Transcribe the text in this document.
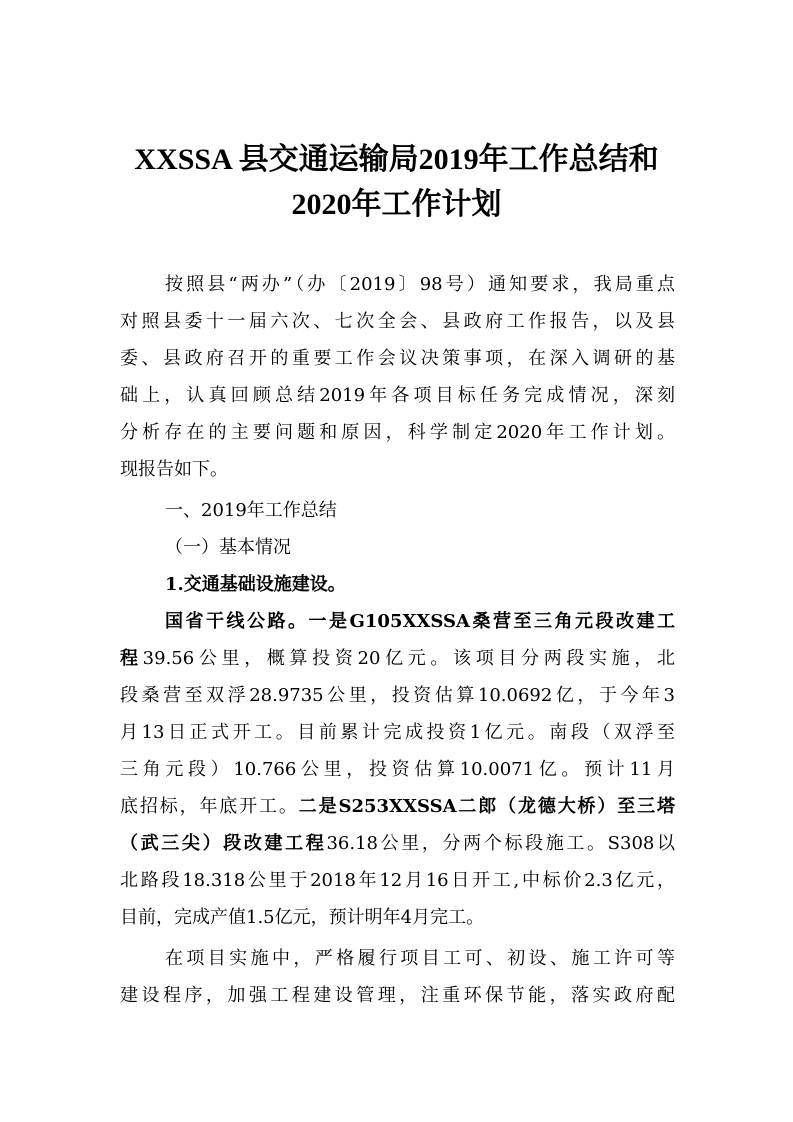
XXSSA 县交通运输局2019年工作总结和
2020年工作计划
按照县“两办”（办〔2019〕98号）通知要求，我局重点
对照县委十一届六次、七次全会、县政府工作报告，以及县
委、县政府召开的重要工作会议决策事项，在深入调研的基
础上，认真回顾总结2019年各项目标任务完成情况，深刻
分析存在的主要问题和原因，科学制定2020年工作计划。
现报告如下。
一、2019年工作总结
（一）基本情况
1.交通基础设施建设。
国省干线公路。一是G105XXSSA桑营至三角元段改建工
程39.56公里，概算投资20亿元。该项目分两段实施，北
段桑营至双浮28.9735公里，投资估算10.0692亿，于今年3
月13日正式开工。目前累计完成投资1亿元。南段（双浮至
三角元段）10.766公里，投资估算10.0071亿。预计11月
底招标，年底开工。二是S253XXSSA二郎（龙德大桥）至三塔
（武三尖）段改建工程36.18公里，分两个标段施工。S308以
北路段18.318公里于2018年12月16日开工,中标价2.3亿元，
目前，完成产值1.5亿元，预计明年4月完工。
在项目实施中，严格履行项目工可、初设、施工许可等
建设程序，加强工程建设管理，注重环保节能，落实政府配
